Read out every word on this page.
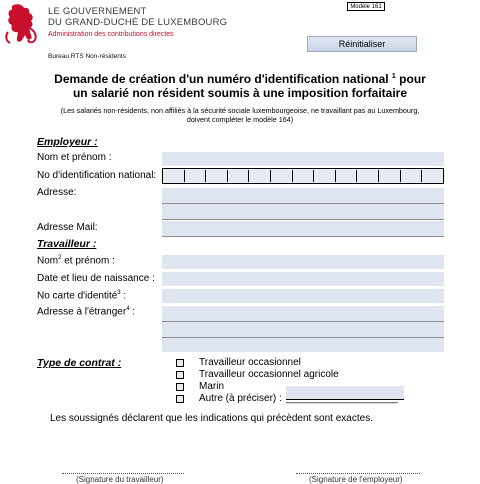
LE GOUVERNEMENT
DU GRAND-DUCHÉ DE LUXEMBOURG
Administration des contributions directes
Bureau RTS Non-résidents
Modèle 161
Réinitialiser
Demande de création d'un numéro d'identification national $^1$ pour
un salarié non résident soumis à une imposition forfaitaire
(Les salariés non-résidents, non affiliés à la sécurité sociale luxembourgeoise, ne travaillant pas au Luxembourg,
doivent compléter le modèle 164)
Employeur :
Nom et prénom :
No d'identification national:
Adresse:
Adresse Mail:
Travailleur :
Nom$^2$ et prénom :
Date et lieu de naissance :
No carte d'identité$^3$ :
Adresse à l'étranger$^4$ :
Type de contrat :	Travailleur occasionnel
Travailleur occasionnel agricole
Marin
Autre (à préciser) : ______________________
Les soussignés déclarent que les indications qui précèdent sont exactes.
(Signature du travailleur)	(Signature de l'employeur)
